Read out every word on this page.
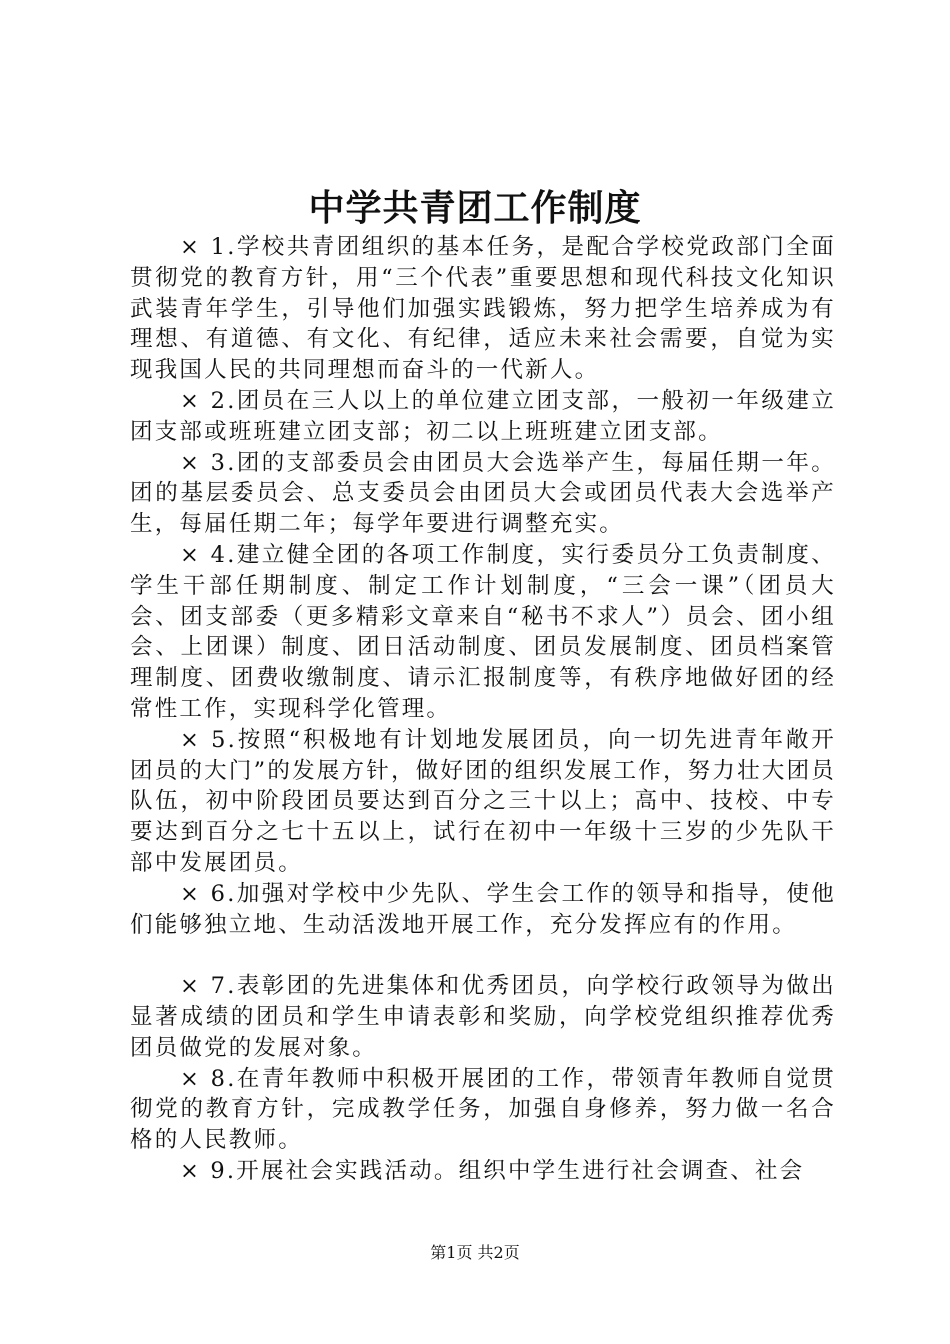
中学共青团工作制度

× 1.学校共青团组织的基本任务，是配合学校党政部门全面贯彻党的教育方针，用“三个代表”重要思想和现代科技文化知识武装青年学生，引导他们加强实践锻炼，努力把学生培养成为有理想、有道德、有文化、有纪律，适应未来社会需要，自觉为实现我国人民的共同理想而奋斗的一代新人。

× 2.团员在三人以上的单位建立团支部，一般初一年级建立团支部或班班建立团支部；初二以上班班建立团支部。

× 3.团的支部委员会由团员大会选举产生，每届任期一年。团的基层委员会、总支委员会由团员大会或团员代表大会选举产生，每届任期二年；每学年要进行调整充实。

× 4.建立健全团的各项工作制度，实行委员分工负责制度、学生干部任期制度、制定工作计划制度，“三会一课”（团员大会、团支部委（更多精彩文章来自“秘书不求人”）员会、团小组会、上团课）制度、团日活动制度、团员发展制度、团员档案管理制度、团费收缴制度、请示汇报制度等，有秩序地做好团的经常性工作，实现科学化管理。

× 5.按照“积极地有计划地发展团员，向一切先进青年敞开团员的大门”的发展方针，做好团的组织发展工作，努力壮大团员队伍，初中阶段团员要达到百分之三十以上；高中、技校、中专要达到百分之七十五以上，试行在初中一年级十三岁的少先队干部中发展团员。

× 6.加强对学校中少先队、学生会工作的领导和指导，使他们能够独立地、生动活泼地开展工作，充分发挥应有的作用。

× 7.表彰团的先进集体和优秀团员，向学校行政领导为做出显著成绩的团员和学生申请表彰和奖励，向学校党组织推荐优秀团员做党的发展对象。

× 8.在青年教师中积极开展团的工作，带领青年教师自觉贯彻党的教育方针，完成教学任务，加强自身修养，努力做一名合格的人民教师。

× 9.开展社会实践活动。组织中学生进行社会调查、社会

第1页 共2页
